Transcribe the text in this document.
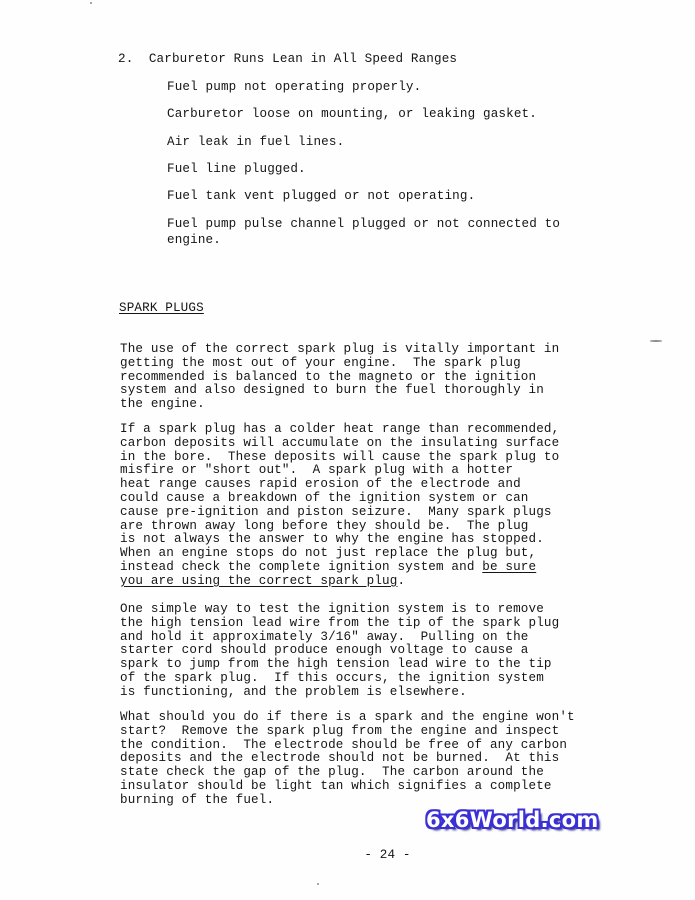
2.  Carburetor Runs Lean in All Speed Ranges
Fuel pump not operating properly.
Carburetor loose on mounting, or leaking gasket.
Air leak in fuel lines.
Fuel line plugged.
Fuel tank vent plugged or not operating.
Fuel pump pulse channel plugged or not connected to
engine.
SPARK PLUGS
The use of the correct spark plug is vitally important in
getting the most out of your engine.  The spark plug
recommended is balanced to the magneto or the ignition
system and also designed to burn the fuel thoroughly in
the engine.
If a spark plug has a colder heat range than recommended,
carbon deposits will accumulate on the insulating surface
in the bore.  These deposits will cause the spark plug to
misfire or "short out".  A spark plug with a hotter
heat range causes rapid erosion of the electrode and
could cause a breakdown of the ignition system or can
cause pre-ignition and piston seizure.  Many spark plugs
are thrown away long before they should be.  The plug
is not always the answer to why the engine has stopped.
When an engine stops do not just replace the plug but,
instead check the complete ignition system and be sure
you are using the correct spark plug.
One simple way to test the ignition system is to remove
the high tension lead wire from the tip of the spark plug
and hold it approximately 3/16" away.  Pulling on the
starter cord should produce enough voltage to cause a
spark to jump from the high tension lead wire to the tip
of the spark plug.  If this occurs, the ignition system
is functioning, and the problem is elsewhere.
What should you do if there is a spark and the engine won't
start?  Remove the spark plug from the engine and inspect
the condition.  The electrode should be free of any carbon
deposits and the electrode should not be burned.  At this
state check the gap of the plug.  The carbon around the
insulator should be light tan which signifies a complete
burning of the fuel.
6x6World.com
- 24 -
